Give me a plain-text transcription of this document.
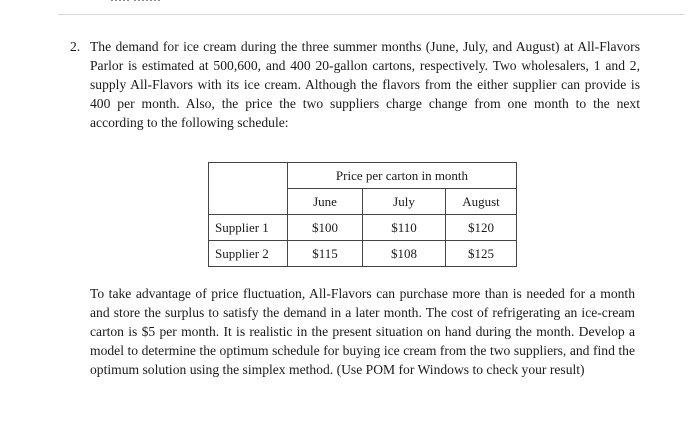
····· ·······
2. The demand for ice cream during the three summer months (June, July, and August) at All-Flavors Parlor is estimated at 500,600, and 400 20-gallon cartons, respectively. Two wholesalers, 1 and 2, supply All-Flavors with its ice cream. Although the flavors from the either supplier can provide is 400 per month. Also, the price the two suppliers charge change from one month to the next according to the following schedule:

	Price per carton in month		
	June	July	August
Supplier 1	$100	$110	$120
Supplier 2	$115	$108	$125

To take advantage of price fluctuation, All-Flavors can purchase more than is needed for a month and store the surplus to satisfy the demand in a later month. The cost of refrigerating an ice-cream carton is $5 per month. It is realistic in the present situation on hand during the month. Develop a model to determine the optimum schedule for buying ice cream from the two suppliers, and find the optimum solution using the simplex method. (Use POM for Windows to check your result)
